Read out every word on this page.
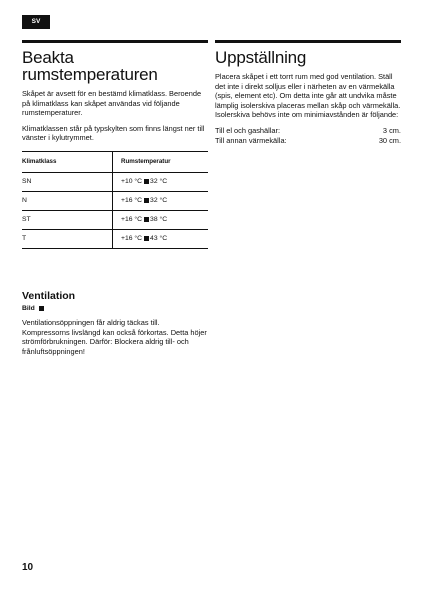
SV
Beakta
rumstemperaturen

Skåpet är avsett för en bestämd klimatklass. Beroende på klimatklass kan skåpet användas vid följande rumstemperaturer.

Klimatklassen står på typskylten som finns längst ner till vänster i kylutrymmet.

Klimatklass	Rumstemperatur
SN	+10 °C 32 °C
N	+16 °C 32 °C
ST	+16 °C 38 °C
T	+16 °C 43 °C
Ventilation
Bild

Ventilationsöppningen får aldrig täckas till. Kompressorns livslängd kan också förkortas. Detta höjer strömförbrukningen. Därför: Blockera aldrig till- och frånluftsöppningen!

Uppställning

Placera skåpet i ett torrt rum med god ventilation. Ställ det inte i direkt solljus eller i närheten av en värmekälla (spis, element etc). Om detta inte går att undvika måste lämplig isolerskiva placeras mellan skåp och värmekälla. Isolerskiva behövs inte om minimiavstånden är följande:

Till el och gashällar:	3 cm.
Till annan värmekälla:	30 cm.
10
